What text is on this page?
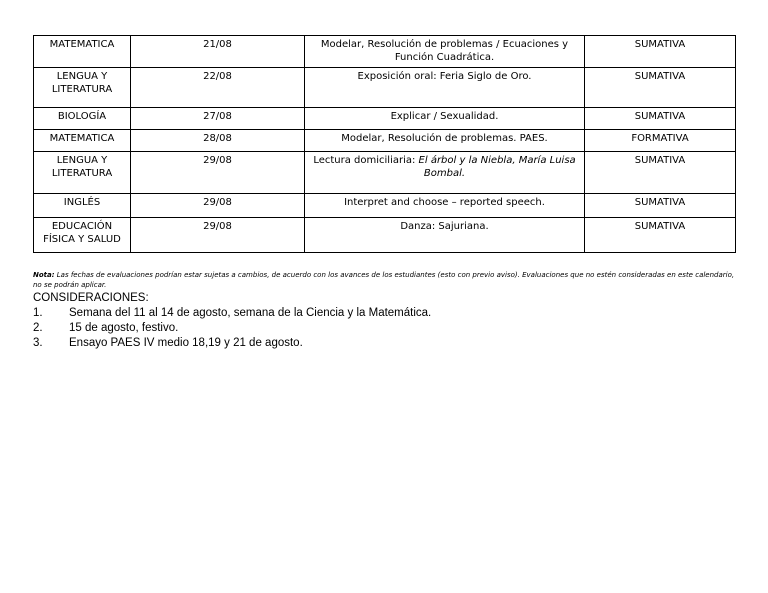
MATEMATICA	21/08	Modelar, Resolución de problemas / Ecuaciones y Función Cuadrática.	SUMATIVA
LENGUA Y LITERATURA	22/08	Exposición oral: Feria Siglo de Oro.	SUMATIVA
BIOLOGÍA	27/08	Explicar / Sexualidad.	SUMATIVA
MATEMATICA	28/08	Modelar, Resolución de problemas. PAES.	FORMATIVA
LENGUA Y LITERATURA	29/08	Lectura domiciliaria: El árbol y la Niebla, María Luisa Bombal.	SUMATIVA
INGLÉS	29/08	Interpret and choose – reported speech.	SUMATIVA
EDUCACIÓN FÍSICA Y SALUD	29/08	Danza: Sajuriana.	SUMATIVA
Nota: Las fechas de evaluaciones podrían estar sujetas a cambios, de acuerdo con los avances de los estudiantes (esto con previo aviso). Evaluaciones que no estén consideradas en este calendario, no se podrán aplicar.

CONSIDERACIONES:

1. Semana del 11 al 14 de agosto, semana de la Ciencia y la Matemática.
2. 15 de agosto, festivo.
3. Ensayo PAES IV medio 18,19 y 21 de agosto.
